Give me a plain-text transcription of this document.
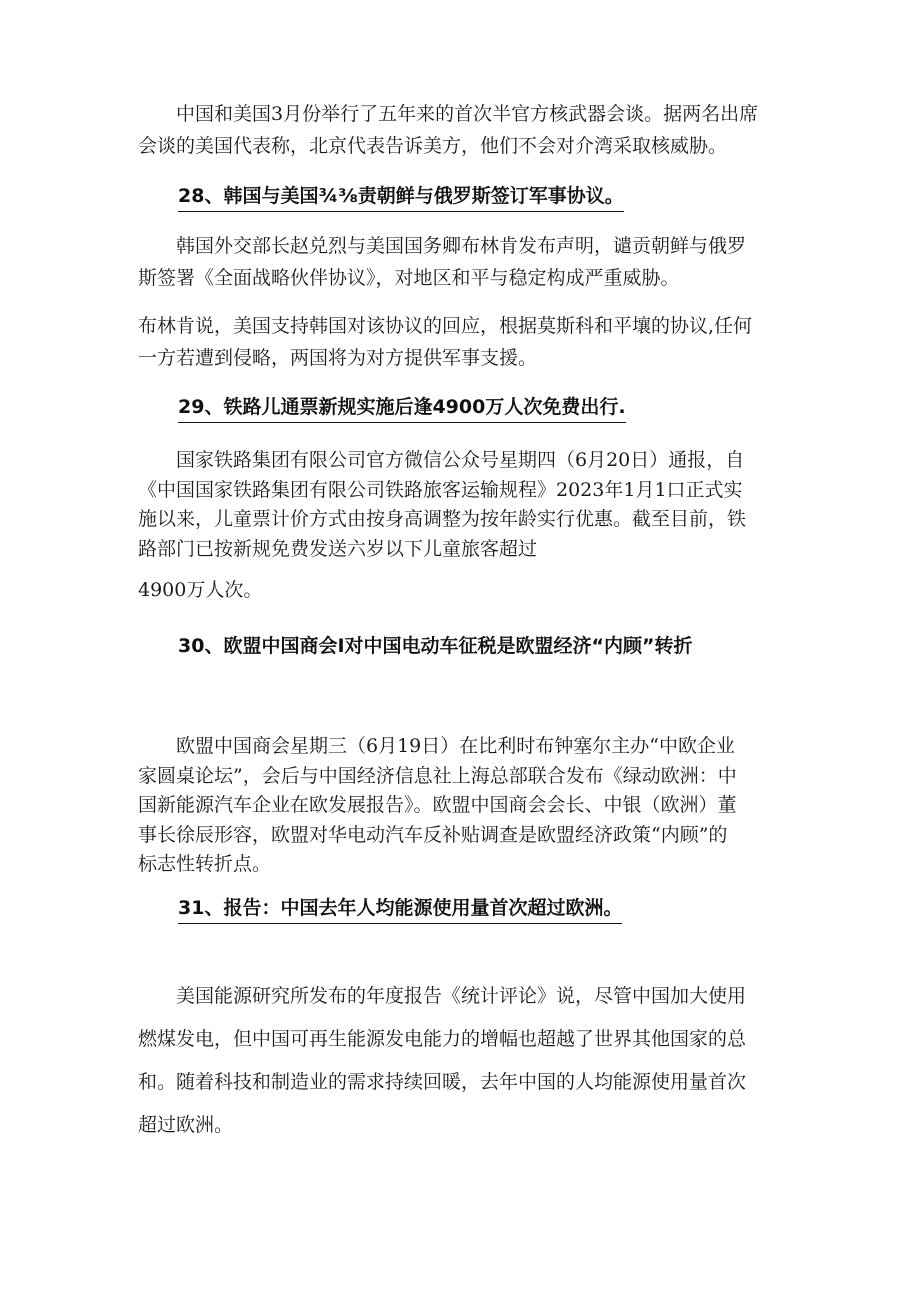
　　中国和美国3月份举行了五年来的首次半官方核武器会谈。据两名出席
会谈的美国代表称，北京代表告诉美方，他们不会对介湾采取核威胁。
28、韩国与美国¾⅜责朝鲜与俄罗斯签订军事协议。
　　韩国外交部长赵兑烈与美国国务卿布林肯发布声明，谴贡朝鲜与俄罗
斯签署《全面战略伙伴协议》，对地区和平与稳定构成严重威胁。
布林肯说，美国支持韩国对该协议的回应，根据莫斯科和平壤的协议,任何
一方若遭到侵略，两国将为对方提供军事支援。
29、铁路儿通票新规实施后逢4900万人次免费出行.
　　国家铁路集团有限公司官方微信公众号星期四（6月20日）通报，自
《中国国家铁路集团有限公司铁路旅客运输规程》2023年1月1口正式实
施以来，儿童票计价方式由按身高调整为按年龄实行优惠。截至目前，铁
路部门已按新规免费发送六岁以下儿童旅客超过
4900万人次。
30、欧盟中国商会I对中国电动车征税是欧盟经济“内顾”转折
　　欧盟中国商会星期三（6月19日）在比利时布钟塞尔主办“中欧企业
家圆桌论坛”，会后与中国经济信息社上海总部联合发布《绿动欧洲：中
国新能源汽车企业在欧发展报告》。欧盟中国商会会长、中银（欧洲）董
事长徐辰形容，欧盟对华电动汽车反补贴调查是欧盟经济政策“内顾”的
标志性转折点。
31、报告：中国去年人均能源使用量首次超过欧洲。
　　美国能源研究所发布的年度报告《统计评论》说，尽管中国加大使用
燃煤发电，但中国可再生能源发电能力的增幅也超越了世界其他国家的总
和。随着科技和制造业的需求持续回暖，去年中国的人均能源使用量首次
超过欧洲。
